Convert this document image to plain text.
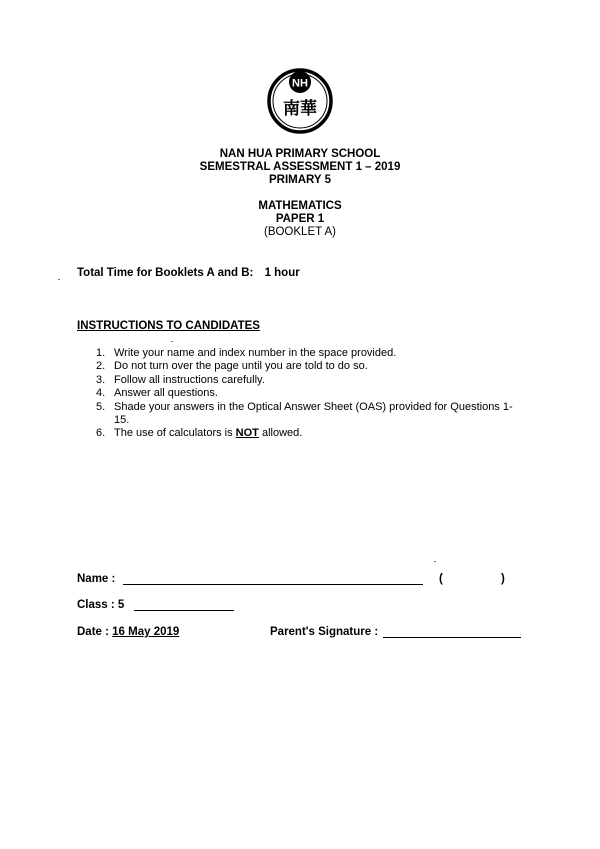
NH
南華
NAN HUA PRIMARY SCHOOL
SEMESTRAL ASSESSMENT 1 – 2019
PRIMARY 5
MATHEMATICS
PAPER 1
(BOOKLET A)
Total Time for Booklets A and B: 1 hour
INSTRUCTIONS TO CANDIDATES
1. Write your name and index number in the space provided.
2. Do not turn over the page until you are told to do so.
3. Follow all instructions carefully.
4. Answer all questions.
5. Shade your answers in the Optical Answer Sheet (OAS) provided for Questions 1-15.
6. The use of calculators is NOT allowed.
Name :	(	)
Class : 5
Date : 16 May 2019	Parent's Signature :
